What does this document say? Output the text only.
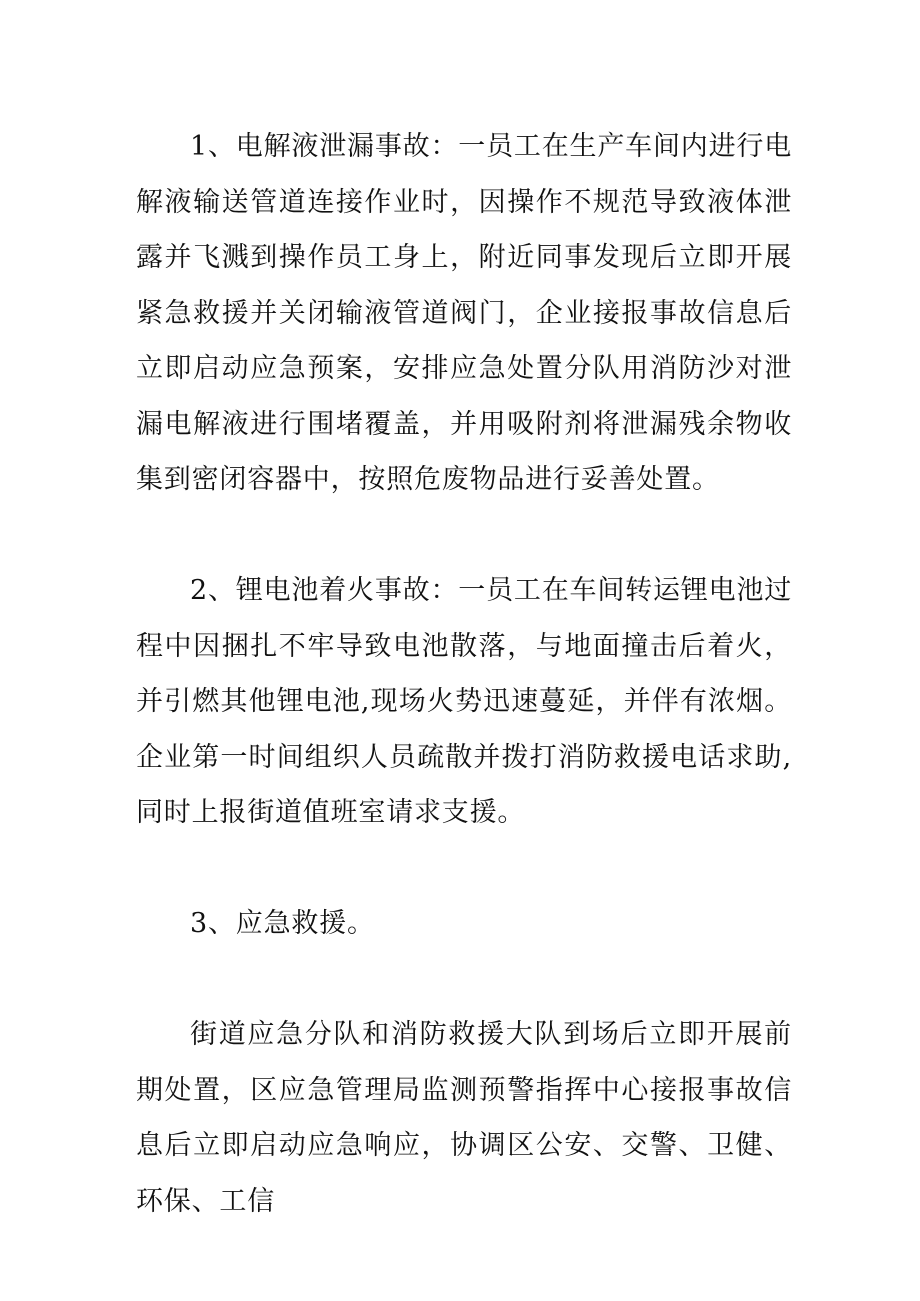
1、电解液泄漏事故：一员工在生产车间内进行电解液输送管道连接作业时，因操作不规范导致液体泄露并飞溅到操作员工身上，附近同事发现后立即开展紧急救援并关闭输液管道阀门，企业接报事故信息后立即启动应急预案，安排应急处置分队用消防沙对泄漏电解液进行围堵覆盖，并用吸附剂将泄漏残余物收集到密闭容器中，按照危废物品进行妥善处置。

2、锂电池着火事故：一员工在车间转运锂电池过程中因捆扎不牢导致电池散落，与地面撞击后着火，并引燃其他锂电池,现场火势迅速蔓延，并伴有浓烟。企业第一时间组织人员疏散并拨打消防救援电话求助,同时上报街道值班室请求支援。

3、应急救援。

街道应急分队和消防救援大队到场后立即开展前期处置，区应急管理局监测预警指挥中心接报事故信息后立即启动应急响应，协调区公安、交警、卫健、环保、工信
